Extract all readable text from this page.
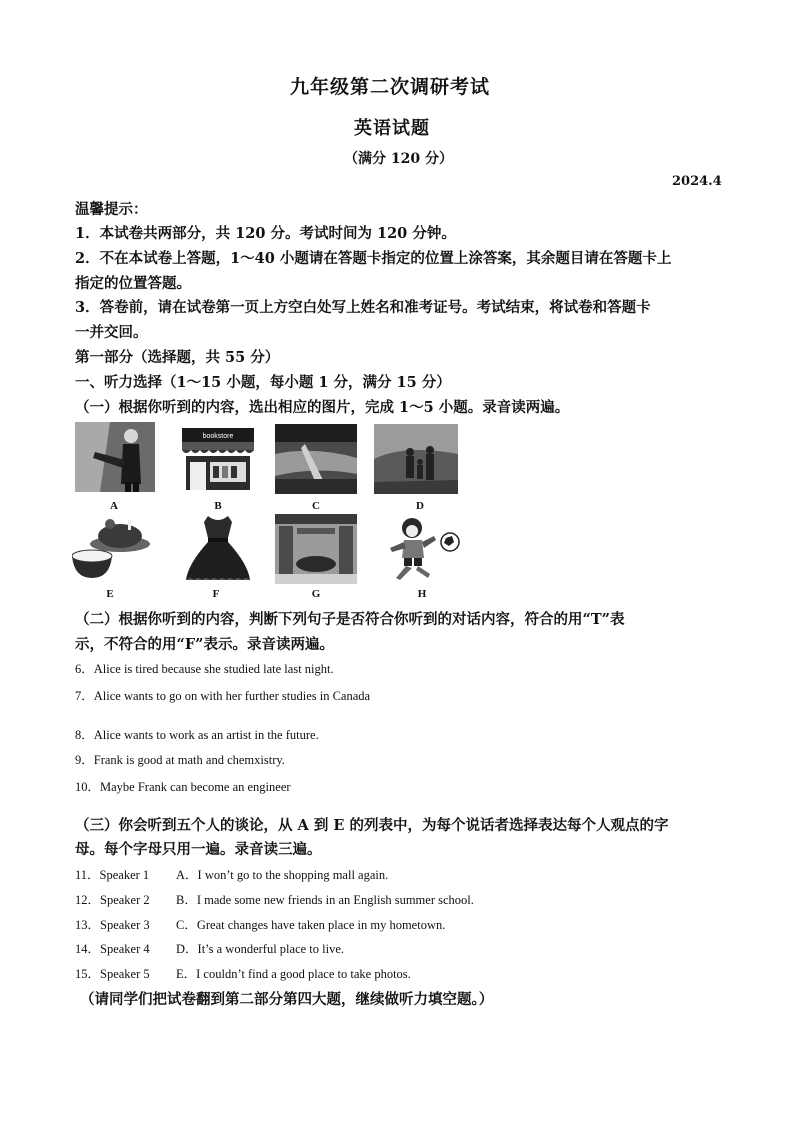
九年级第二次调研考试
英语试题
（满分 120 分）
2024.4
温馨提示：
1．本试卷共两部分，共 120 分。考试时间为 120 分钟。
2．不在本试卷上答题，1～40 小题请在答题卡指定的位置上涂答案，其余题目请在答题卡上
指定的位置答题。
3．答卷前，请在试卷第一页上方空白处写上姓名和准考证号。考试结束，将试卷和答题卡
一并交回。
第一部分（选择题，共 55 分）
一、听力选择（1～15 小题，每小题 1 分，满分 15 分）
（一）根据你听到的内容，选出相应的图片，完成 1～5 小题。录音读两遍。
bookstore
A	B	C	D
E	F	G	H
（二）根据你听到的内容，判断下列句子是否符合你听到的对话内容，符合的用“T”表
示，不符合的用“F”表示。录音读两遍。
6．Alice is tired because she studied late last night.
7．Alice wants to go on with her further studies in Canada
8．Alice wants to work as an artist in the future.
9．Frank is good at math and chemxistry.
10．Maybe Frank can become an engineer
（三）你会听到五个人的谈论，从 A 到 E 的列表中，为每个说话者选择表达每个人观点的字
母。每个字母只用一遍。录音读三遍。
11．Speaker 1 A．I won’t go to the shopping mall again.
12．Speaker 2 B．I made some new friends in an English summer school.
13．Speaker 3 C．Great changes have taken place in my hometown.
14．Speaker 4 D．It’s a wonderful place to live.
15．Speaker 5 E．I couldn’t find a good place to take photos.
（请同学们把试卷翻到第二部分第四大题，继续做听力填空题。）
